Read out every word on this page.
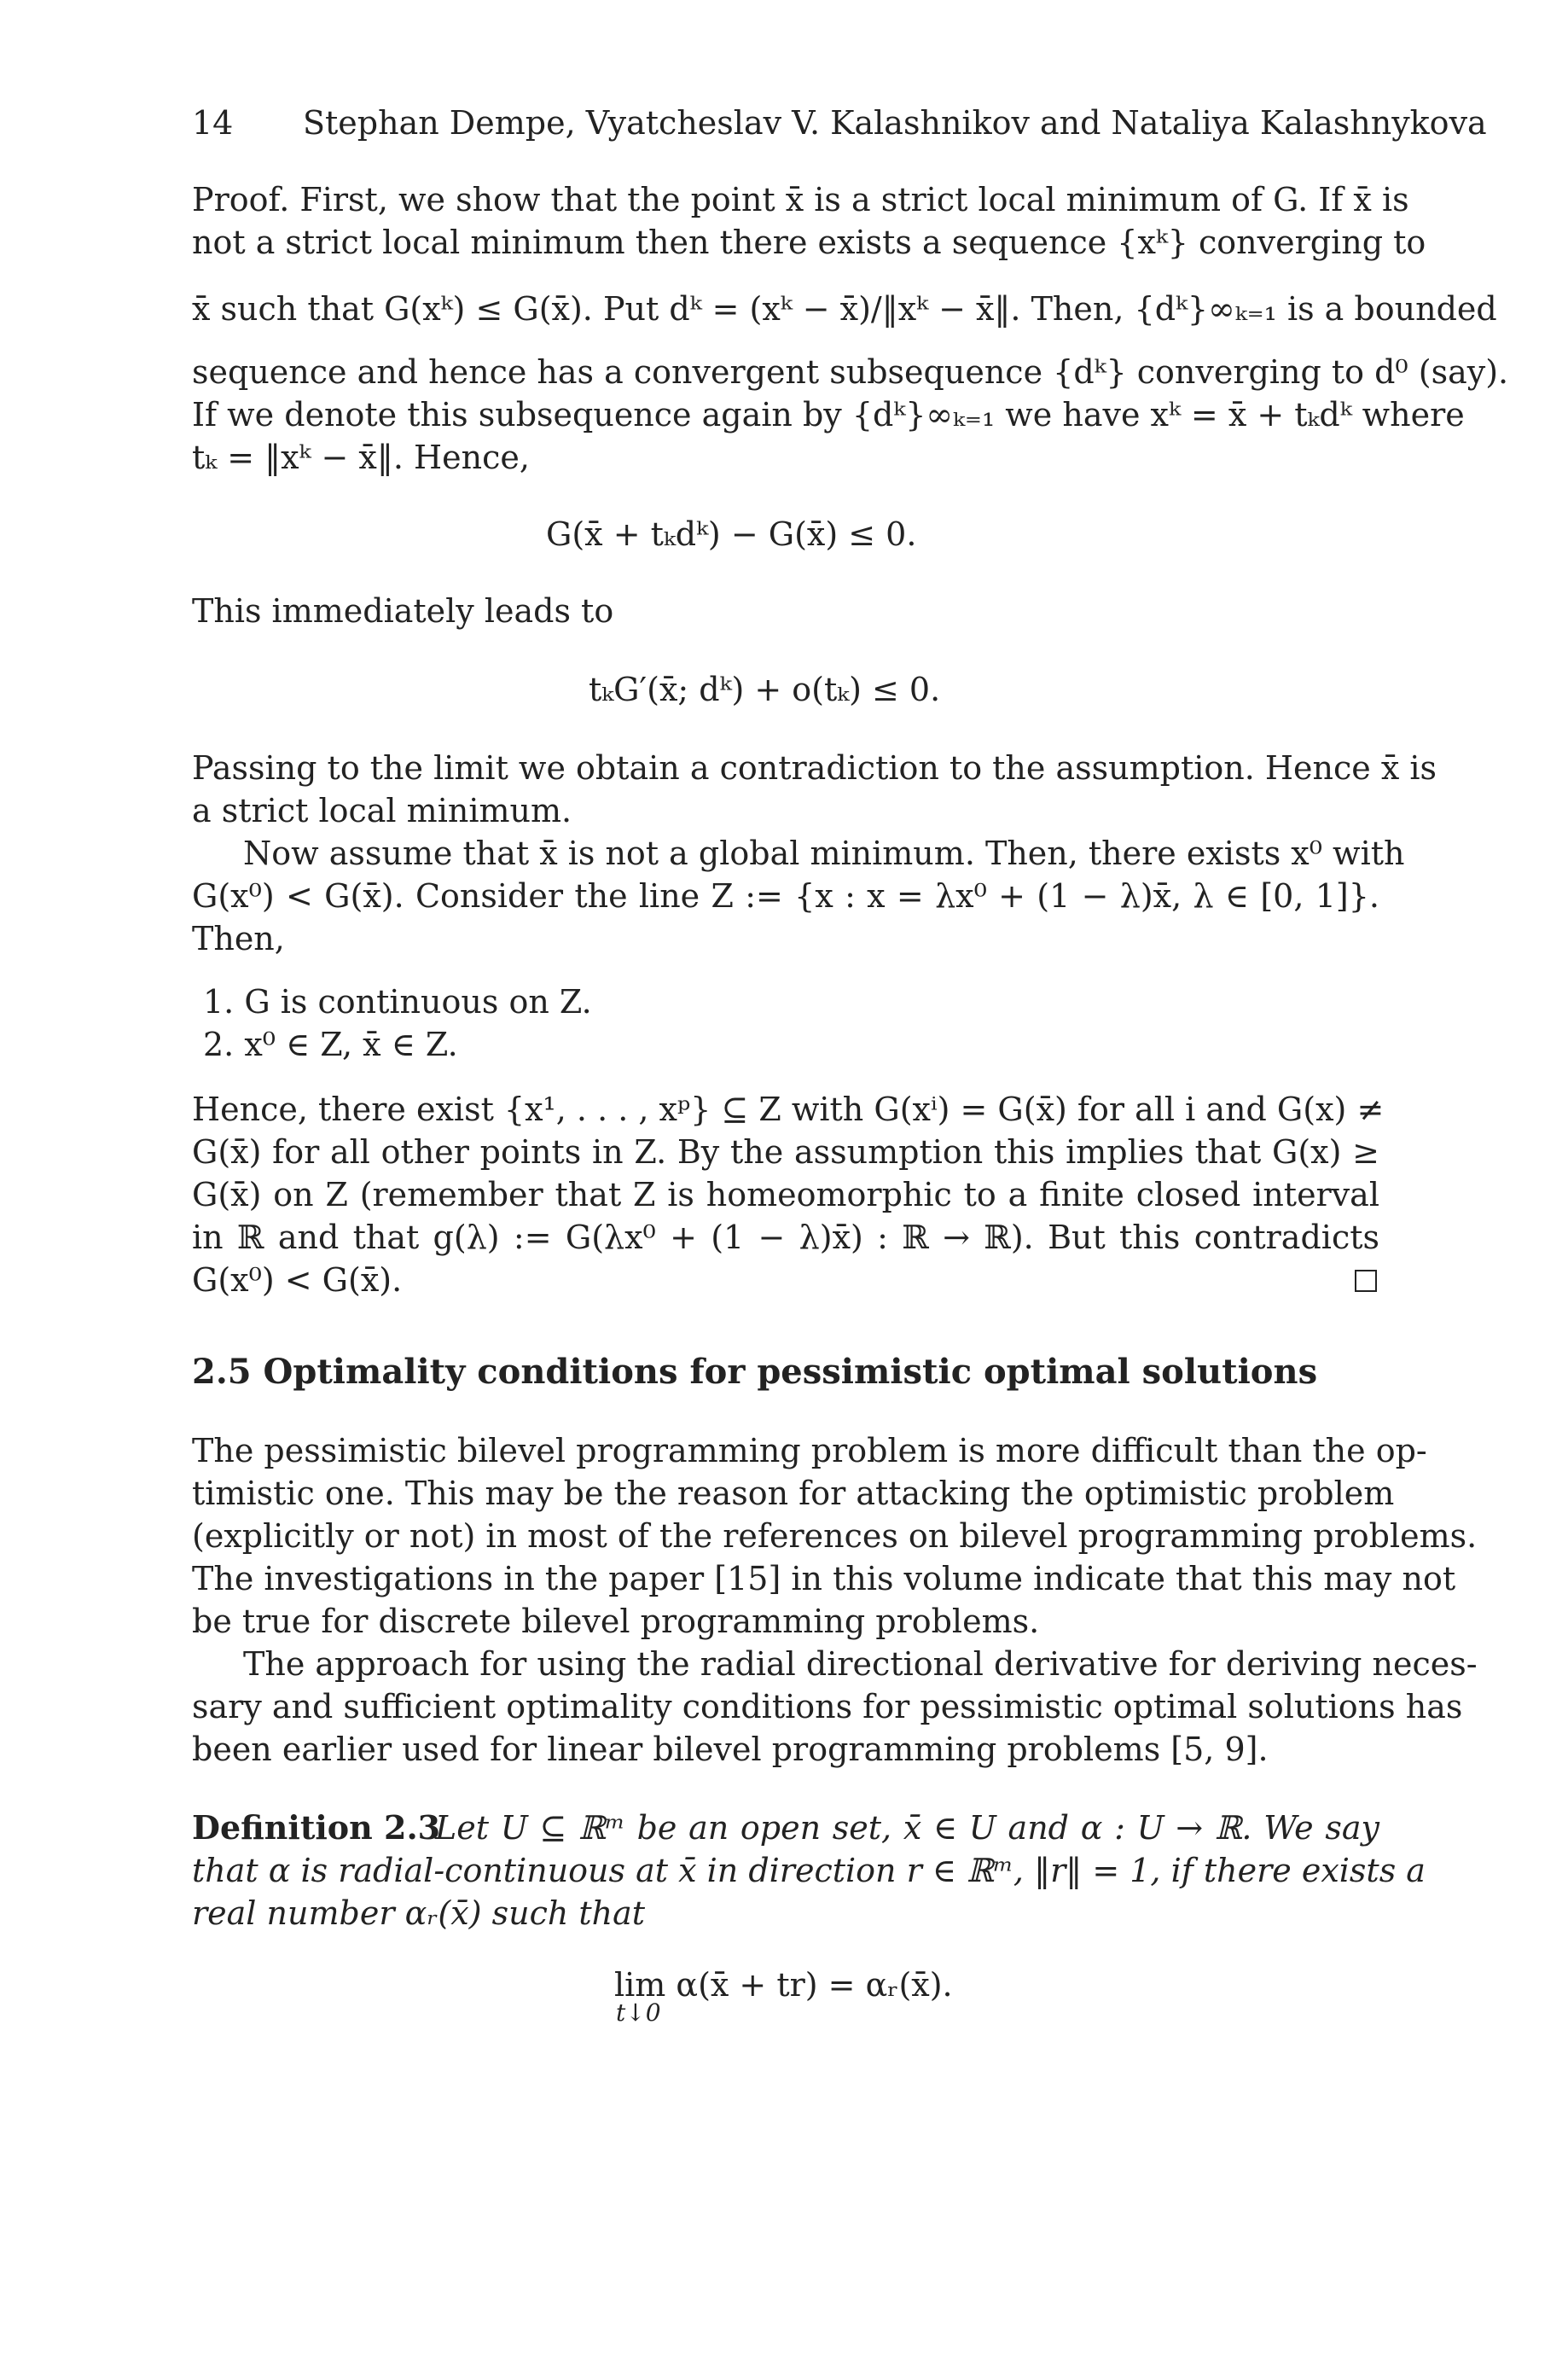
14 Stephan Dempe, Vyatcheslav V. Kalashnikov and Nataliya Kalashnykova
Proof. First, we show that the point x̄ is a strict local minimum of G. If x̄ is
not a strict local minimum then there exists a sequence {xᵏ} converging to
x̄ such that G(xᵏ) ≤ G(x̄). Put dᵏ = (xᵏ − x̄)/‖xᵏ − x̄‖. Then, {dᵏ}∞ₖ₌₁ is a bounded
sequence and hence has a convergent subsequence {dᵏ} converging to d⁰ (say).
If we denote this subsequence again by {dᵏ}∞ₖ₌₁ we have xᵏ = x̄ + tₖdᵏ where
tₖ = ‖xᵏ − x̄‖. Hence,
G(x̄ + tₖdᵏ) − G(x̄) ≤ 0.
This immediately leads to
tₖG′(x̄; dᵏ) + o(tₖ) ≤ 0.
Passing to the limit we obtain a contradiction to the assumption. Hence x̄ is
a strict local minimum.
Now assume that x̄ is not a global minimum. Then, there exists x⁰ with
G(x⁰) < G(x̄). Consider the line Z := {x : x = λx⁰ + (1 − λ)x̄, λ ∈ [0, 1]}.
Then,
1. G is continuous on Z.
2. x⁰ ∈ Z, x̄ ∈ Z.
Hence, there exist {x¹, . . . , xᵖ} ⊆ Z with G(xⁱ) = G(x̄) for all i and G(x) ≠
G(x̄) for all other points in Z. By the assumption this implies that G(x) ≥
G(x̄) on Z (remember that Z is homeomorphic to a finite closed interval
in ℝ and that g(λ) := G(λx⁰ + (1 − λ)x̄) : ℝ → ℝ). But this contradicts
G(x⁰) < G(x̄).
2.5 Optimality conditions for pessimistic optimal solutions
The pessimistic bilevel programming problem is more difficult than the op-
timistic one. This may be the reason for attacking the optimistic problem
(explicitly or not) in most of the references on bilevel programming problems.
The investigations in the paper [15] in this volume indicate that this may not
be true for discrete bilevel programming problems.
The approach for using the radial directional derivative for deriving neces-
sary and sufficient optimality conditions for pessimistic optimal solutions has
been earlier used for linear bilevel programming problems [5, 9].
Definition 2.3
Let U ⊆ ℝᵐ be an open set, x̄ ∈ U and α : U → ℝ. We say
that α is radial-continuous at x̄ in direction r ∈ ℝᵐ, ‖r‖ = 1, if there exists a
real number αᵣ(x̄) such that
lim α(x̄ + tr) = αᵣ(x̄).
t↓0
